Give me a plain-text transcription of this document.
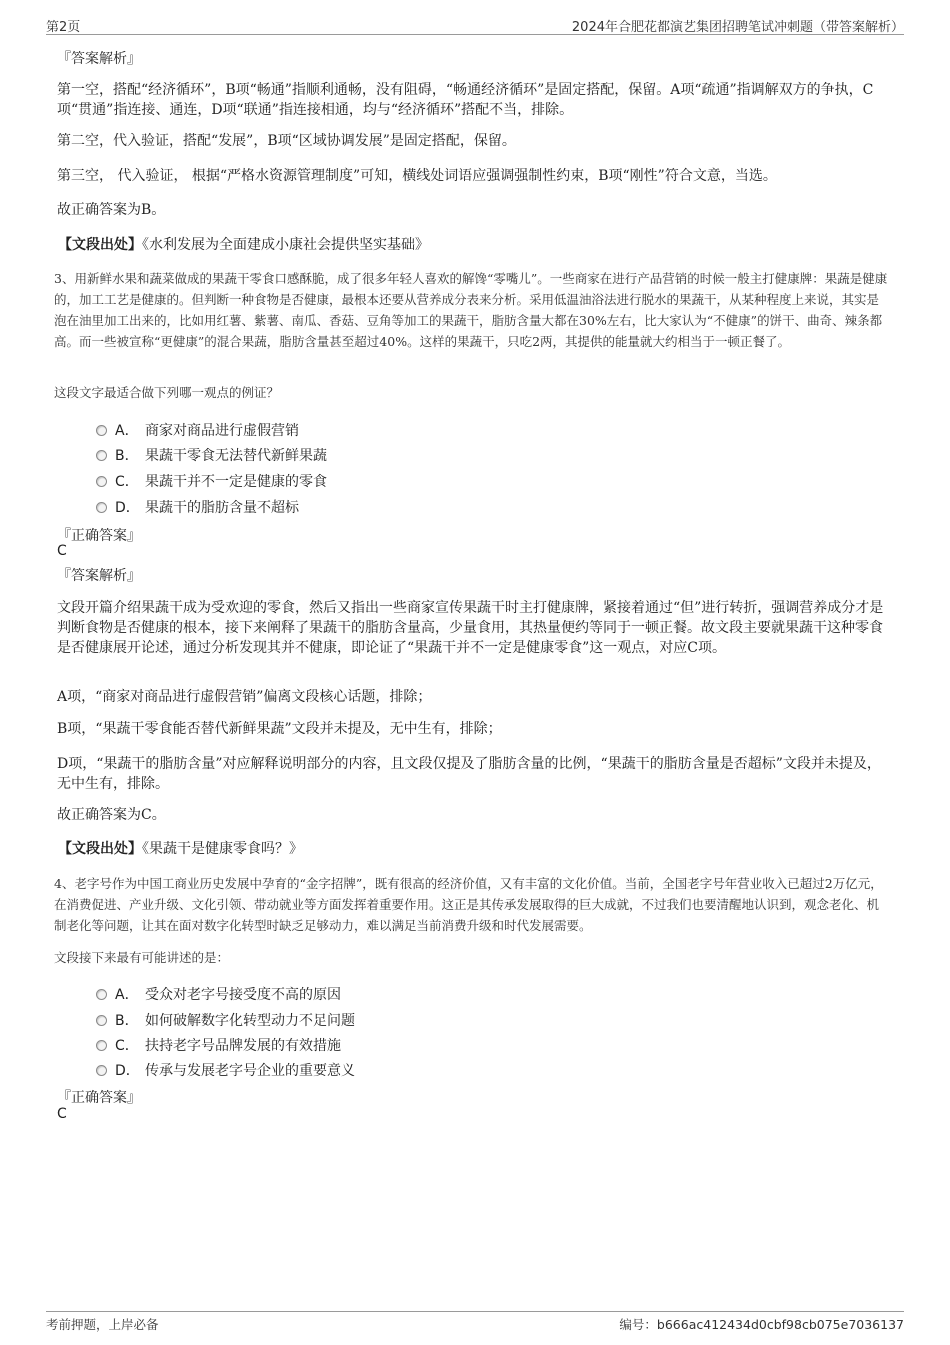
第2页	2024年合肥花都演艺集团招聘笔试冲刺题（带答案解析）
『答案解析』
第一空，搭配“经济循环”，B项“畅通”指顺利通畅，没有阻碍，“畅通经济循环”是固定搭配，保留。A项“疏通”指调解双方的争执，C项“贯通”指连接、通连，D项“联通”指连接相通，均与“经济循环”搭配不当，排除。
第二空，代入验证，搭配“发展”，B项“区域协调发展”是固定搭配，保留。
第三空， 代入验证， 根据“严格水资源管理制度”可知，横线处词语应强调强制性约束，B项“刚性”符合文意，当选。
故正确答案为B。
【文段出处】《水利发展为全面建成小康社会提供坚实基础》
3、用新鲜水果和蔬菜做成的果蔬干零食口感酥脆，成了很多年轻人喜欢的解馋“零嘴儿”。一些商家在进行产品营销的时候一般主打健康牌：果蔬是健康的，加工工艺是健康的。但判断一种食物是否健康，最根本还要从营养成分表来分析。采用低温油浴法进行脱水的果蔬干，从某种程度上来说，其实是泡在油里加工出来的，比如用红薯、紫薯、南瓜、香菇、豆角等加工的果蔬干，脂肪含量大都在30%左右，比大家认为“不健康”的饼干、曲奇、辣条都高。而一些被宣称“更健康”的混合果蔬，脂肪含量甚至超过40%。这样的果蔬干，只吃2两，其提供的能量就大约相当于一顿正餐了。
这段文字最适合做下列哪一观点的例证？
A． 商家对商品进行虚假营销
B． 果蔬干零食无法替代新鲜果蔬
C． 果蔬干并不一定是健康的零食
D． 果蔬干的脂肪含量不超标
『正确答案』
C
『答案解析』
文段开篇介绍果蔬干成为受欢迎的零食，然后又指出一些商家宣传果蔬干时主打健康牌，紧接着通过“但”进行转折，强调营养成分才是判断食物是否健康的根本，接下来阐释了果蔬干的脂肪含量高，少量食用，其热量便约等同于一顿正餐。故文段主要就果蔬干这种零食是否健康展开论述，通过分析发现其并不健康，即论证了“果蔬干并不一定是健康零食”这一观点，对应C项。
A项，“商家对商品进行虚假营销”偏离文段核心话题，排除；
B项，“果蔬干零食能否替代新鲜果蔬”文段并未提及，无中生有，排除；
D项，“果蔬干的脂肪含量”对应解释说明部分的内容，且文段仅提及了脂肪含量的比例，“果蔬干的脂肪含量是否超标”文段并未提及，无中生有，排除。
故正确答案为C。
【文段出处】《果蔬干是健康零食吗？》
4、老字号作为中国工商业历史发展中孕育的“金字招牌”，既有很高的经济价值，又有丰富的文化价值。当前，全国老字号年营业收入已超过2万亿元，在消费促进、产业升级、文化引领、带动就业等方面发挥着重要作用。这正是其传承发展取得的巨大成就，不过我们也要清醒地认识到，观念老化、机制老化等问题，让其在面对数字化转型时缺乏足够动力，难以满足当前消费升级和时代发展需要。
文段接下来最有可能讲述的是：
A． 受众对老字号接受度不高的原因
B． 如何破解数字化转型动力不足问题
C． 扶持老字号品牌发展的有效措施
D． 传承与发展老字号企业的重要意义
『正确答案』
C
考前押题，上岸必备	编号：b666ac412434d0cbf98cb075e7036137
